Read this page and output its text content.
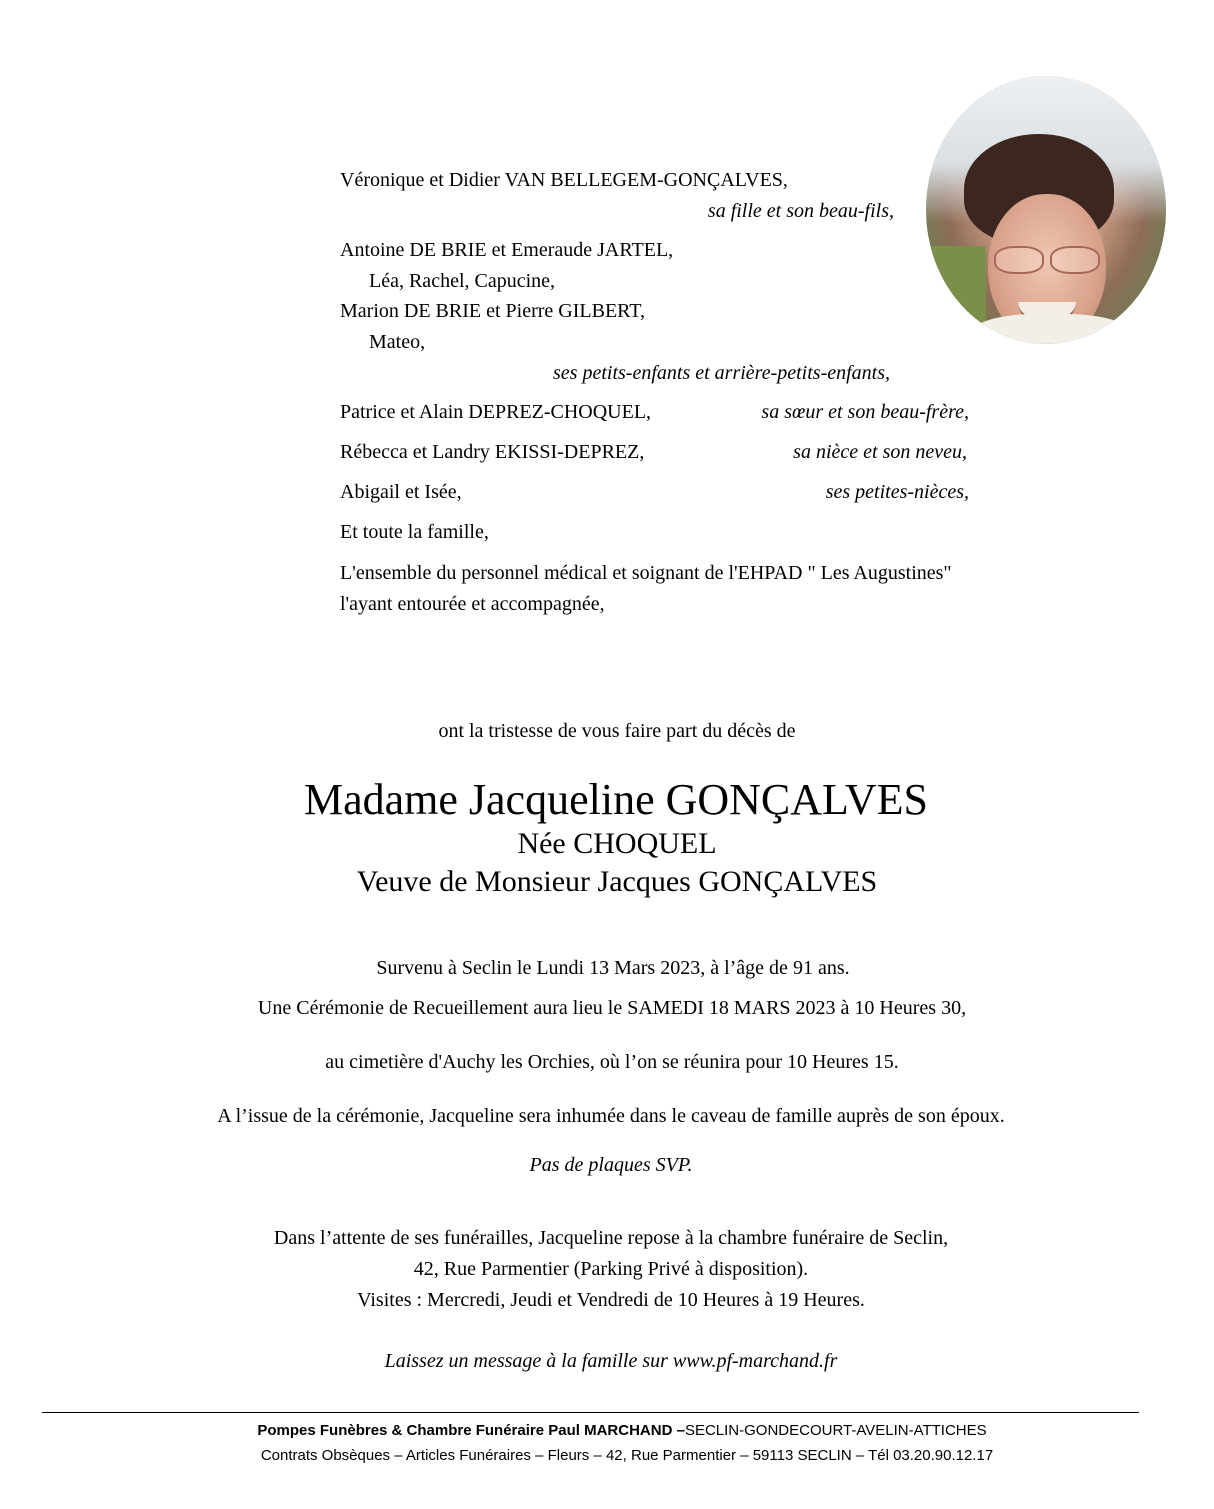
Véronique et Didier VAN BELLEGEM-GONÇALVES,
sa fille et son beau-fils,
Antoine DE BRIE et Emeraude JARTEL,
Léa, Rachel, Capucine,
Marion DE BRIE et Pierre GILBERT,
Mateo,
ses petits-enfants et arrière-petits-enfants,
Patrice et Alain DEPREZ-CHOQUEL,	sa sœur et son beau-frère,
Rébecca et Landry EKISSI-DEPREZ,	sa nièce et son neveu,
Abigail et Isée,	ses petites-nièces,
Et toute la famille,
L'ensemble du personnel médical et soignant de l'EHPAD " Les Augustines"
l'ayant entourée et accompagnée,
ont la tristesse de vous faire part du décès de
Madame Jacqueline GONÇALVES
Née CHOQUEL
Veuve de Monsieur Jacques GONÇALVES
Survenu à Seclin le Lundi 13 Mars 2023, à l’âge de 91 ans.
Une Cérémonie de Recueillement aura lieu le SAMEDI 18 MARS 2023 à 10 Heures 30,
au cimetière d'Auchy les Orchies, où l’on se réunira pour 10 Heures 15.
A l’issue de la cérémonie, Jacqueline sera inhumée dans le caveau de famille auprès de son époux.
Pas de plaques SVP.
Dans l’attente de ses funérailles, Jacqueline repose à la chambre funéraire de Seclin,
42, Rue Parmentier (Parking Privé à disposition).
Visites : Mercredi, Jeudi et Vendredi de 10 Heures à 19 Heures.
Laissez un message à la famille sur www.pf-marchand.fr
Pompes Funèbres & Chambre Funéraire Paul MARCHAND –SECLIN-GONDECOURT-AVELIN-ATTICHES
Contrats Obsèques – Articles Funéraires – Fleurs – 42, Rue Parmentier – 59113 SECLIN – Tél 03.20.90.12.17
